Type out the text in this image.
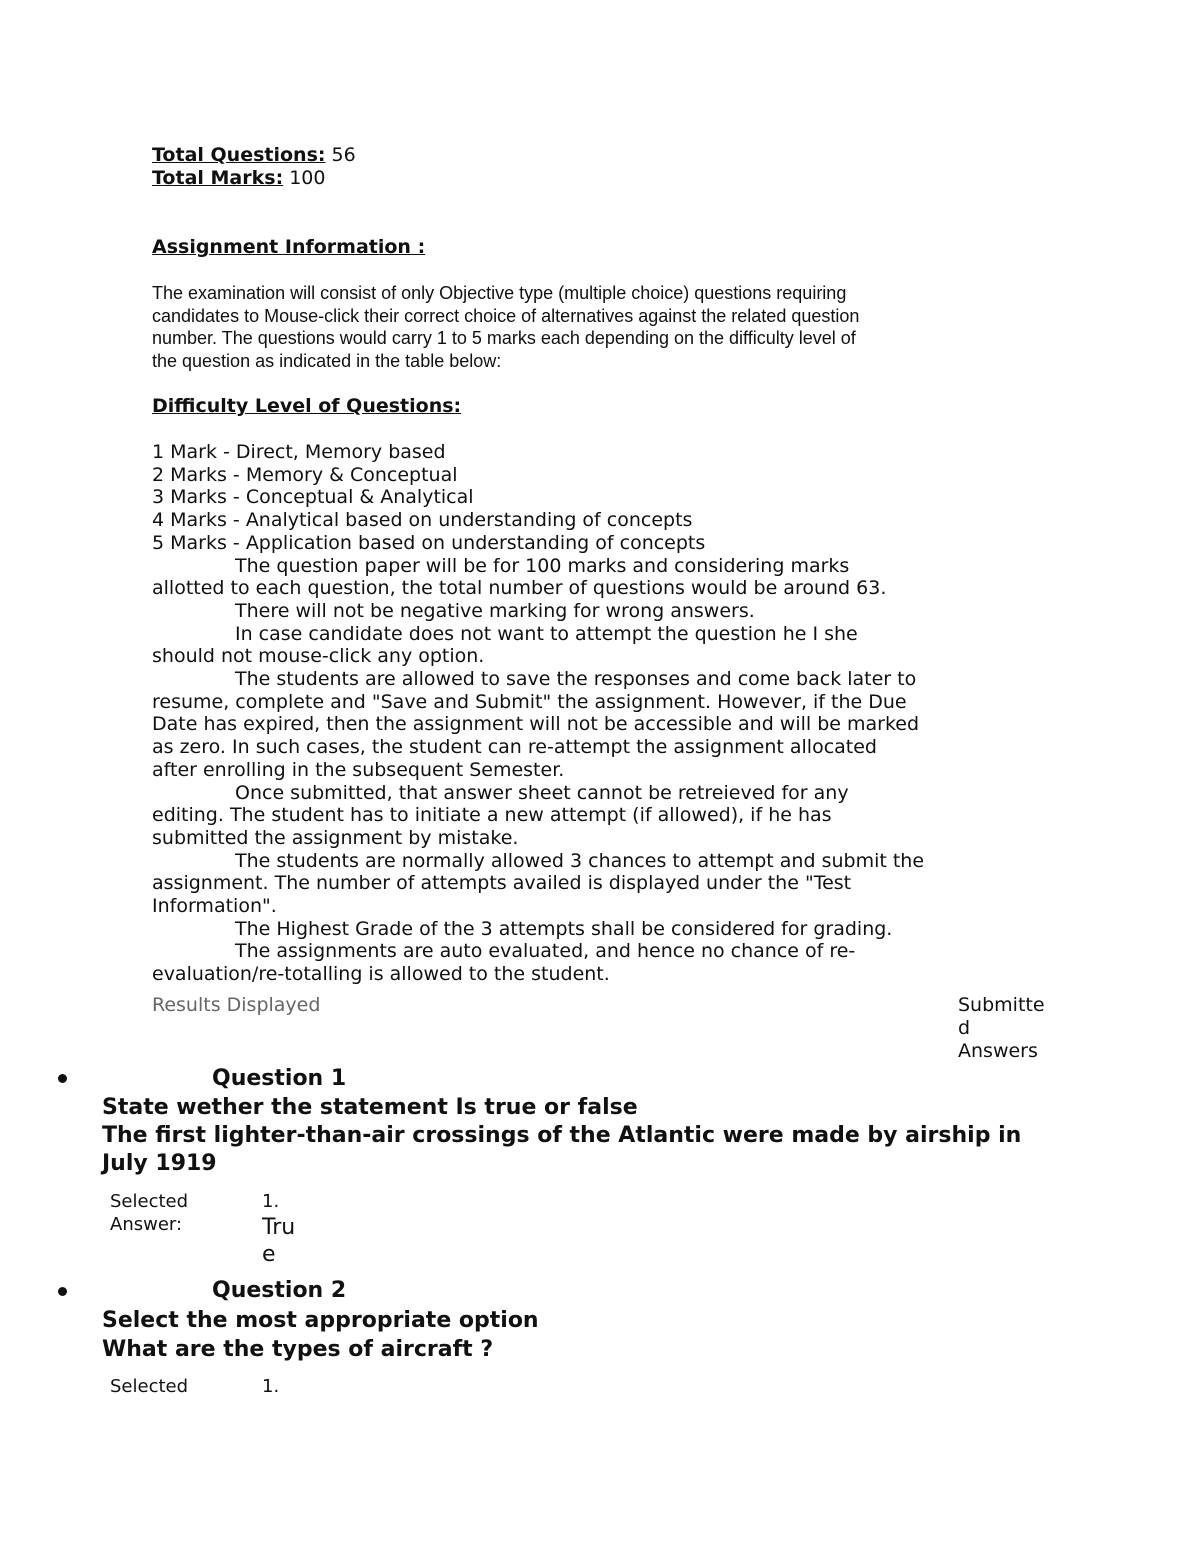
Total Questions: 56
Total Marks: 100
Assignment Information :
The examination will consist of only Objective type (multiple choice) questions requiring
candidates to Mouse-click their correct choice of alternatives against the related question
number. The questions would carry 1 to 5 marks each depending on the difficulty level of
the question as indicated in the table below:
Difficulty Level of Questions:
1 Mark - Direct, Memory based
2 Marks - Memory & Conceptual
3 Marks - Conceptual & Analytical
4 Marks - Analytical based on understanding of concepts
5 Marks - Application based on understanding of concepts
The question paper will be for 100 marks and considering marks
allotted to each question, the total number of questions would be around 63.
There will not be negative marking for wrong answers.
In case candidate does not want to attempt the question he I she
should not mouse-click any option.
The students are allowed to save the responses and come back later to
resume, complete and "Save and Submit" the assignment. However, if the Due
Date has expired, then the assignment will not be accessible and will be marked
as zero. In such cases, the student can re-attempt the assignment allocated
after enrolling in the subsequent Semester.
Once submitted, that answer sheet cannot be retreieved for any
editing. The student has to initiate a new attempt (if allowed), if he has
submitted the assignment by mistake.
The students are normally allowed 3 chances to attempt and submit the
assignment. The number of attempts availed is displayed under the "Test
Information".
The Highest Grade of the 3 attempts shall be considered for grading.
The assignments are auto evaluated, and hence no chance of re-
evaluation/re-totalling is allowed to the student.
Results Displayed	Submitte
d
Answers
Question 1
State wether the statement Is true or false
The first lighter-than-air crossings of the Atlantic were made by airship in
July 1919
Selected
Answer:
1.
Tru
e
Question 2
Select the most appropriate option
What are the types of aircraft ?
Selected	1.
